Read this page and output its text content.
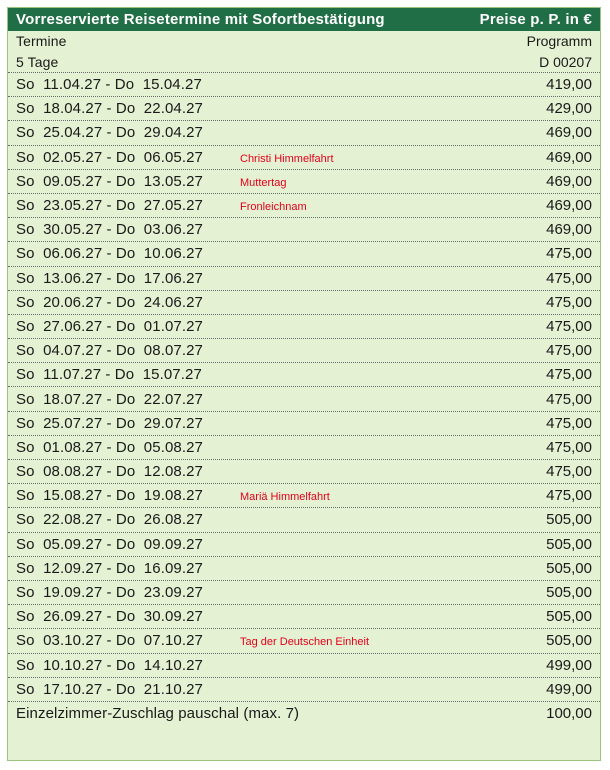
Vorreservierte Reisetermine mit Sofortbestätigung	Preise p. P. in €
Termine	Programm
5 Tage	D 00207
So  11.04.27 - Do  15.04.27	419,00
So  18.04.27 - Do  22.04.27	429,00
So  25.04.27 - Do  29.04.27	469,00
So  02.05.27 - Do  06.05.27	Christi Himmelfahrt	469,00
So  09.05.27 - Do  13.05.27	Muttertag	469,00
So  23.05.27 - Do  27.05.27	Fronleichnam	469,00
So  30.05.27 - Do  03.06.27	469,00
So  06.06.27 - Do  10.06.27	475,00
So  13.06.27 - Do  17.06.27	475,00
So  20.06.27 - Do  24.06.27	475,00
So  27.06.27 - Do  01.07.27	475,00
So  04.07.27 - Do  08.07.27	475,00
So  11.07.27 - Do  15.07.27	475,00
So  18.07.27 - Do  22.07.27	475,00
So  25.07.27 - Do  29.07.27	475,00
So  01.08.27 - Do  05.08.27	475,00
So  08.08.27 - Do  12.08.27	475,00
So  15.08.27 - Do  19.08.27	Mariä Himmelfahrt	475,00
So  22.08.27 - Do  26.08.27	505,00
So  05.09.27 - Do  09.09.27	505,00
So  12.09.27 - Do  16.09.27	505,00
So  19.09.27 - Do  23.09.27	505,00
So  26.09.27 - Do  30.09.27	505,00
So  03.10.27 - Do  07.10.27	Tag der Deutschen Einheit	505,00
So  10.10.27 - Do  14.10.27	499,00
So  17.10.27 - Do  21.10.27	499,00
Einzelzimmer-Zuschlag pauschal (max. 7)	100,00
